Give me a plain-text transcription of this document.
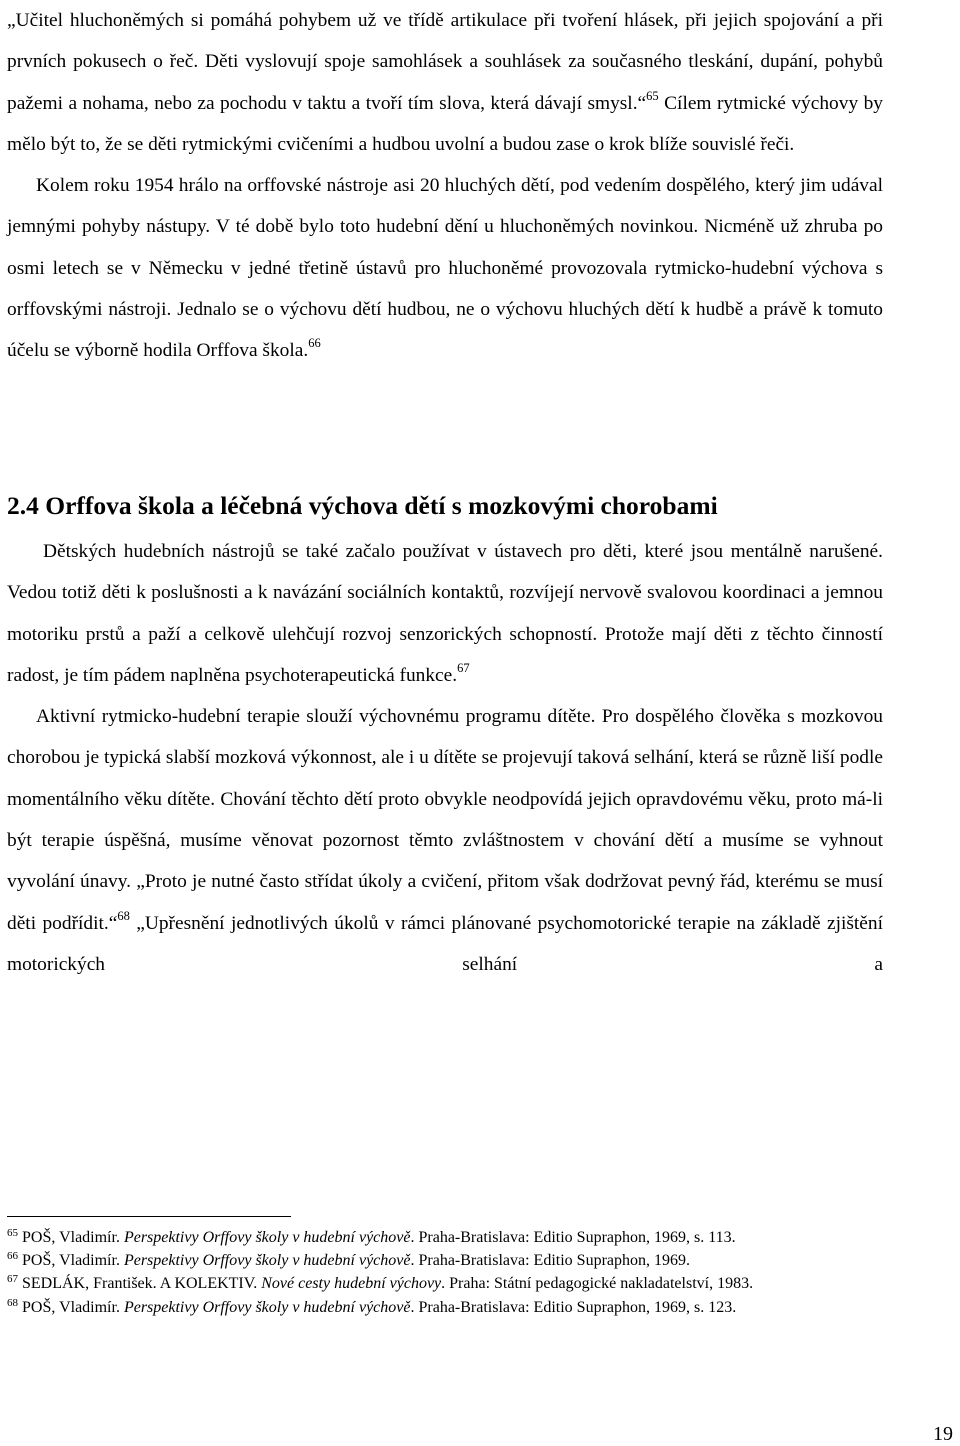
„Učitel hluchoněmých si pomáhá pohybem už ve třídě artikulace při tvoření hlásek, při jejich spojování a při prvních pokusech o řeč. Děti vyslovují spoje samohlásek a souhlásek za současného tleskání, dupání, pohybů pažemi a nohama, nebo za pochodu v taktu a tvoří tím slova, která dávají smysl.“$^{65}$ Cílem rytmické výchovy by mělo být to, že se děti rytmickými cvičeními a hudbou uvolní a budou zase o krok blíže souvislé řeči.

Kolem roku 1954 hrálo na orffovské nástroje asi 20 hluchých dětí, pod vedením dospělého, který jim udával jemnými pohyby nástupy. V té době bylo toto hudební dění u hluchoněmých novinkou. Nicméně už zhruba po osmi letech se v Německu v jedné třetině ústavů pro hluchoněmé provozovala rytmicko-hudební výchova s orffovskými nástroji. Jednalo se o výchovu dětí hudbou, ne o výchovu hluchých dětí k hudbě a právě k tomuto účelu se výborně hodila Orffova škola.$^{66}$

2.4 Orffova škola a léčebná výchova dětí s mozkovými chorobami

Dětských hudebních nástrojů se také začalo používat v ústavech pro děti, které jsou mentálně narušené. Vedou totiž děti k poslušnosti a k navázání sociálních kontaktů, rozvíjejí nervově svalovou koordinaci a jemnou motoriku prstů a paží a celkově ulehčují rozvoj senzorických schopností. Protože mají děti z těchto činností radost, je tím pádem naplněna psychoterapeutická funkce.$^{67}$

Aktivní rytmicko-hudební terapie slouží výchovnému programu dítěte. Pro dospělého člověka s mozkovou chorobou je typická slabší mozková výkonnost, ale i u dítěte se projevují taková selhání, která se různě liší podle momentálního věku dítěte. Chování těchto dětí proto obvykle neodpovídá jejich opravdovému věku, proto má-li být terapie úspěšná, musíme věnovat pozornost těmto zvláštnostem v chování dětí a musíme se vyhnout vyvolání únavy. „Proto je nutné často střídat úkoly a cvičení, přitom však dodržovat pevný řád, kterému se musí děti podřídit.“$^{68}$ „Upřesnění jednotlivých úkolů v rámci plánované psychomotorické terapie na základě zjištění motorických selhání a

$^{65}$ POŠ, Vladimír. Perspektivy Orffovy školy v hudební výchově. Praha-Bratislava: Editio Supraphon, 1969, s. 113.

$^{66}$ POŠ, Vladimír. Perspektivy Orffovy školy v hudební výchově. Praha-Bratislava: Editio Supraphon, 1969.

$^{67}$ SEDLÁK, František. A KOLEKTIV. Nové cesty hudební výchovy. Praha: Státní pedagogické nakladatelství, 1983.

$^{68}$ POŠ, Vladimír. Perspektivy Orffovy školy v hudební výchově. Praha-Bratislava: Editio Supraphon, 1969, s. 123.

19
